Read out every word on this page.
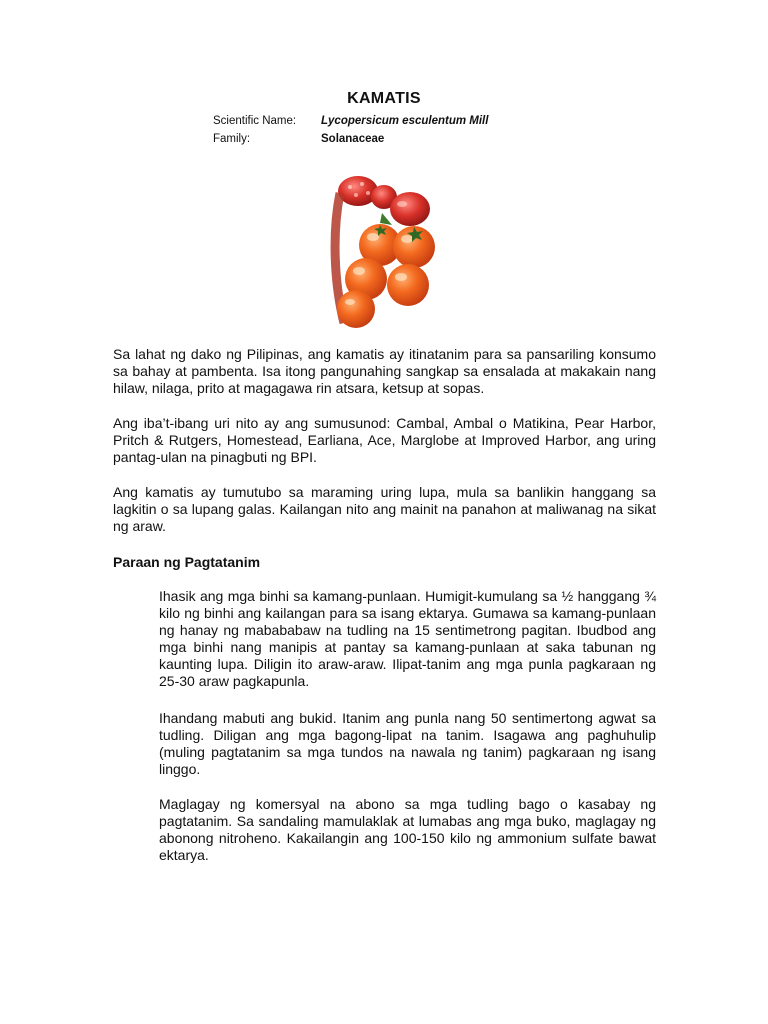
KAMATIS
Scientific Name: Lycopersicum esculentum Mill
Family:	Solanaceae

Sa lahat ng dako ng Pilipinas, ang kamatis ay itinatanim para sa pansariling konsumo sa bahay at pambenta. Isa itong pangunahing sangkap sa ensalada at makakain nang hilaw, nilaga, prito at magagawa rin atsara, ketsup at sopas.

Ang iba’t-ibang uri nito ay ang sumusunod: Cambal, Ambal o Matikina, Pear Harbor, Pritch & Rutgers, Homestead, Earliana, Ace, Marglobe at Improved Harbor, ang uring pantag-ulan na pinagbuti ng BPI.

Ang kamatis ay tumutubo sa maraming uring lupa, mula sa banlikin hanggang sa lagkitin o sa lupang galas. Kailangan nito ang mainit na panahon at maliwanag na sikat ng araw.

Paraan ng Pagtatanim

Ihasik ang mga binhi sa kamang-punlaan. Humigit-kumulang sa ½ hanggang ¾ kilo ng binhi ang kailangan para sa isang ektarya. Gumawa sa kamang-punlaan ng hanay ng mabababaw na tudling na 15 sentimetrong pagitan. Ibudbod ang mga binhi nang manipis at pantay sa kamang-punlaan at saka tabunan ng kaunting lupa. Diligin ito araw-araw. Ilipat-tanim ang mga punla pagkaraan ng 25-30 araw pagkapunla.

Ihandang mabuti ang bukid. Itanim ang punla nang 50 sentimertong agwat sa tudling. Diligan ang mga bagong-lipat na tanim. Isagawa ang paghuhulip (muling pagtatanim sa mga tundos na nawala ng tanim) pagkaraan ng isang linggo.

Maglagay ng komersyal na abono sa mga tudling bago o kasabay ng pagtatanim. Sa sandaling mamulaklak at lumabas ang mga buko, maglagay ng abonong nitroheno. Kakailangin ang 100-150 kilo ng ammonium sulfate bawat ektarya.
